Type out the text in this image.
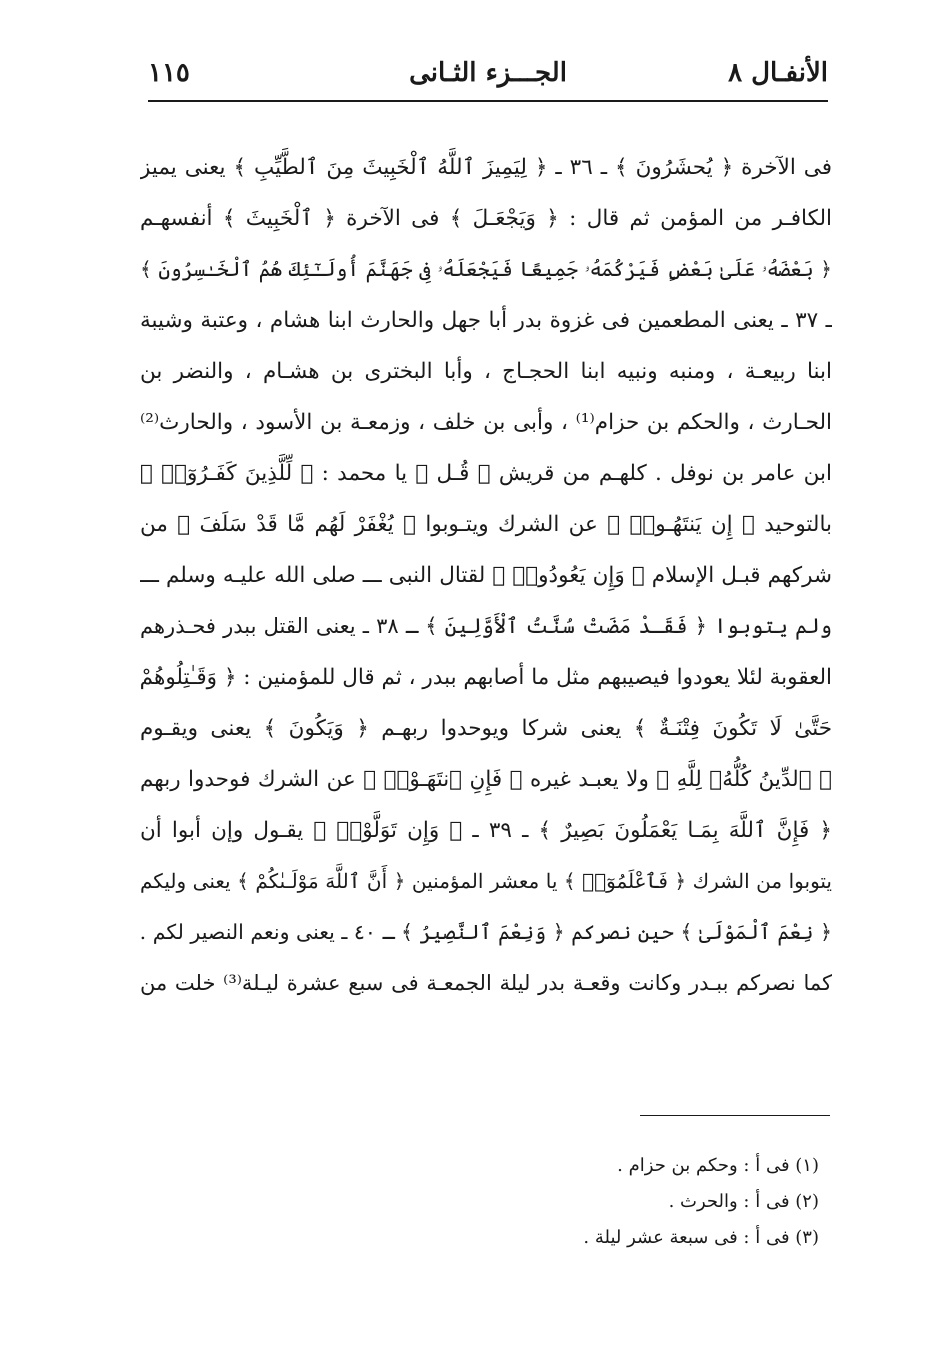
الأنفـال ٨
الجـــزء الثـانى
١١٥
فى الآخرة ﴿ يُحشَرُونَ ﴾ ـ ٣٦ ـ ﴿ لِيَمِيزَ ٱللَّهُ ٱلْخَبِيثَ مِنَ ٱلطَّيِّبِ ﴾ يعنى يميز
الكافـر من المؤمن ثم قال : ﴿ وَيَجْعَـلَ ﴾ فى الآخرة ﴿ ٱلْخَبِيثَ ﴾ أنفسهـم
﴿ بَعْضَهُۥ عَلَىٰ بَعْضٍ فَيَرْكُمَهُۥ جَمِيعًا فَيَجْعَلَهُۥ فِى جَهَنَّمَ أُولَـٰٓئِكَ هُمُ ٱلْخَـٰسِرُونَ ﴾
ـ ٣٧ ـ يعنى المطعمين فى غزوة بدر أبا جهل والحارث ابنا هشام ، وعتبة وشيبة
ابنا ربيعـة ، ومنبه ونبيه ابنا الحجـاج ، وأبا البخترى بن هشـام ، والنضر بن
الحـارث ، والحكم بن حزام⁽¹⁾ ، وأبى بن خلف ، وزمعـة بن الأسود ، والحارث⁽²⁾
ابن عامر بن نوفل . كلهـم من قريش ﴿ قُـل ﴾ يا محمد : ﴿ لِّلَّذِينَ كَفَـرُوٓا۟ ﴾
بالتوحيد ﴿ إِن يَنتَهُـوا۟ ﴾ عن الشرك ويتـوبوا ﴿ يُغْفَرْ لَهُم مَّا قَدْ سَلَفَ ﴾ من
شركهم قبـل الإسلام ﴿ وَإِن يَعُودُوا۟ ﴾ لقتال النبى ـــ صلى الله عليـه وسلم ـــ
ولم يتوبوا ﴿ فَقَـدْ مَضَتْ سُنَّتُ ٱلْأَوَّلِينَ ﴾ ـ ٣٨ ـ يعنى القتل ببدر فحـذرهم
العقوبة لئلا يعودوا فيصيبهم مثل ما أصابهم ببدر ، ثم قال للمؤمنين : ﴿ وَقَـٰتِلُوهُمْ
حَتَّىٰ لَا تَكُونَ فِتْنَـةٌ ﴾ يعنى شركا ويوحدوا ربهـم ﴿ وَيَكُونَ ﴾ يعنى ويقـوم
﴿ ٱلدِّينُ كُلُّهُۥ لِلَّهِ ﴾ ولا يعبـد غيره ﴿ فَإِنِ ٱنتَهَـوْا۟ ﴾ عن الشرك فوحدوا ربهم
﴿ فَإِنَّ ٱللَّهَ بِمَـا يَعْمَلُونَ بَصِيرٌ ﴾ ـ ٣٩ ـ ﴿ وَإِن تَوَلَّوْا۟ ﴾ يقـول وإن أبوا أن
يتوبوا من الشرك ﴿ فَٱعْلَمُوٓا۟ ﴾ يا معشر المؤمنين ﴿ أَنَّ ٱللَّهَ مَوْلَـىٰكُمْ ﴾ يعنى وليكم
﴿ نِعْمَ ٱلْمَوْلَىٰ ﴾ حين نصركم ﴿ وَنِعْمَ ٱلنَّصِيرُ ﴾ ـ ٤٠ ـ يعنى ونعم النصير لكم .
كما نصركم ببـدر وكانت وقعـة بدر ليلة الجمعـة فى سبع عشرة ليـلة⁽³⁾ خلت من
(١) فى أ : وحكم بن حزام .
(٢) فى أ : والحرث .
(٣) فى أ : فى سبعة عشر ليلة .
